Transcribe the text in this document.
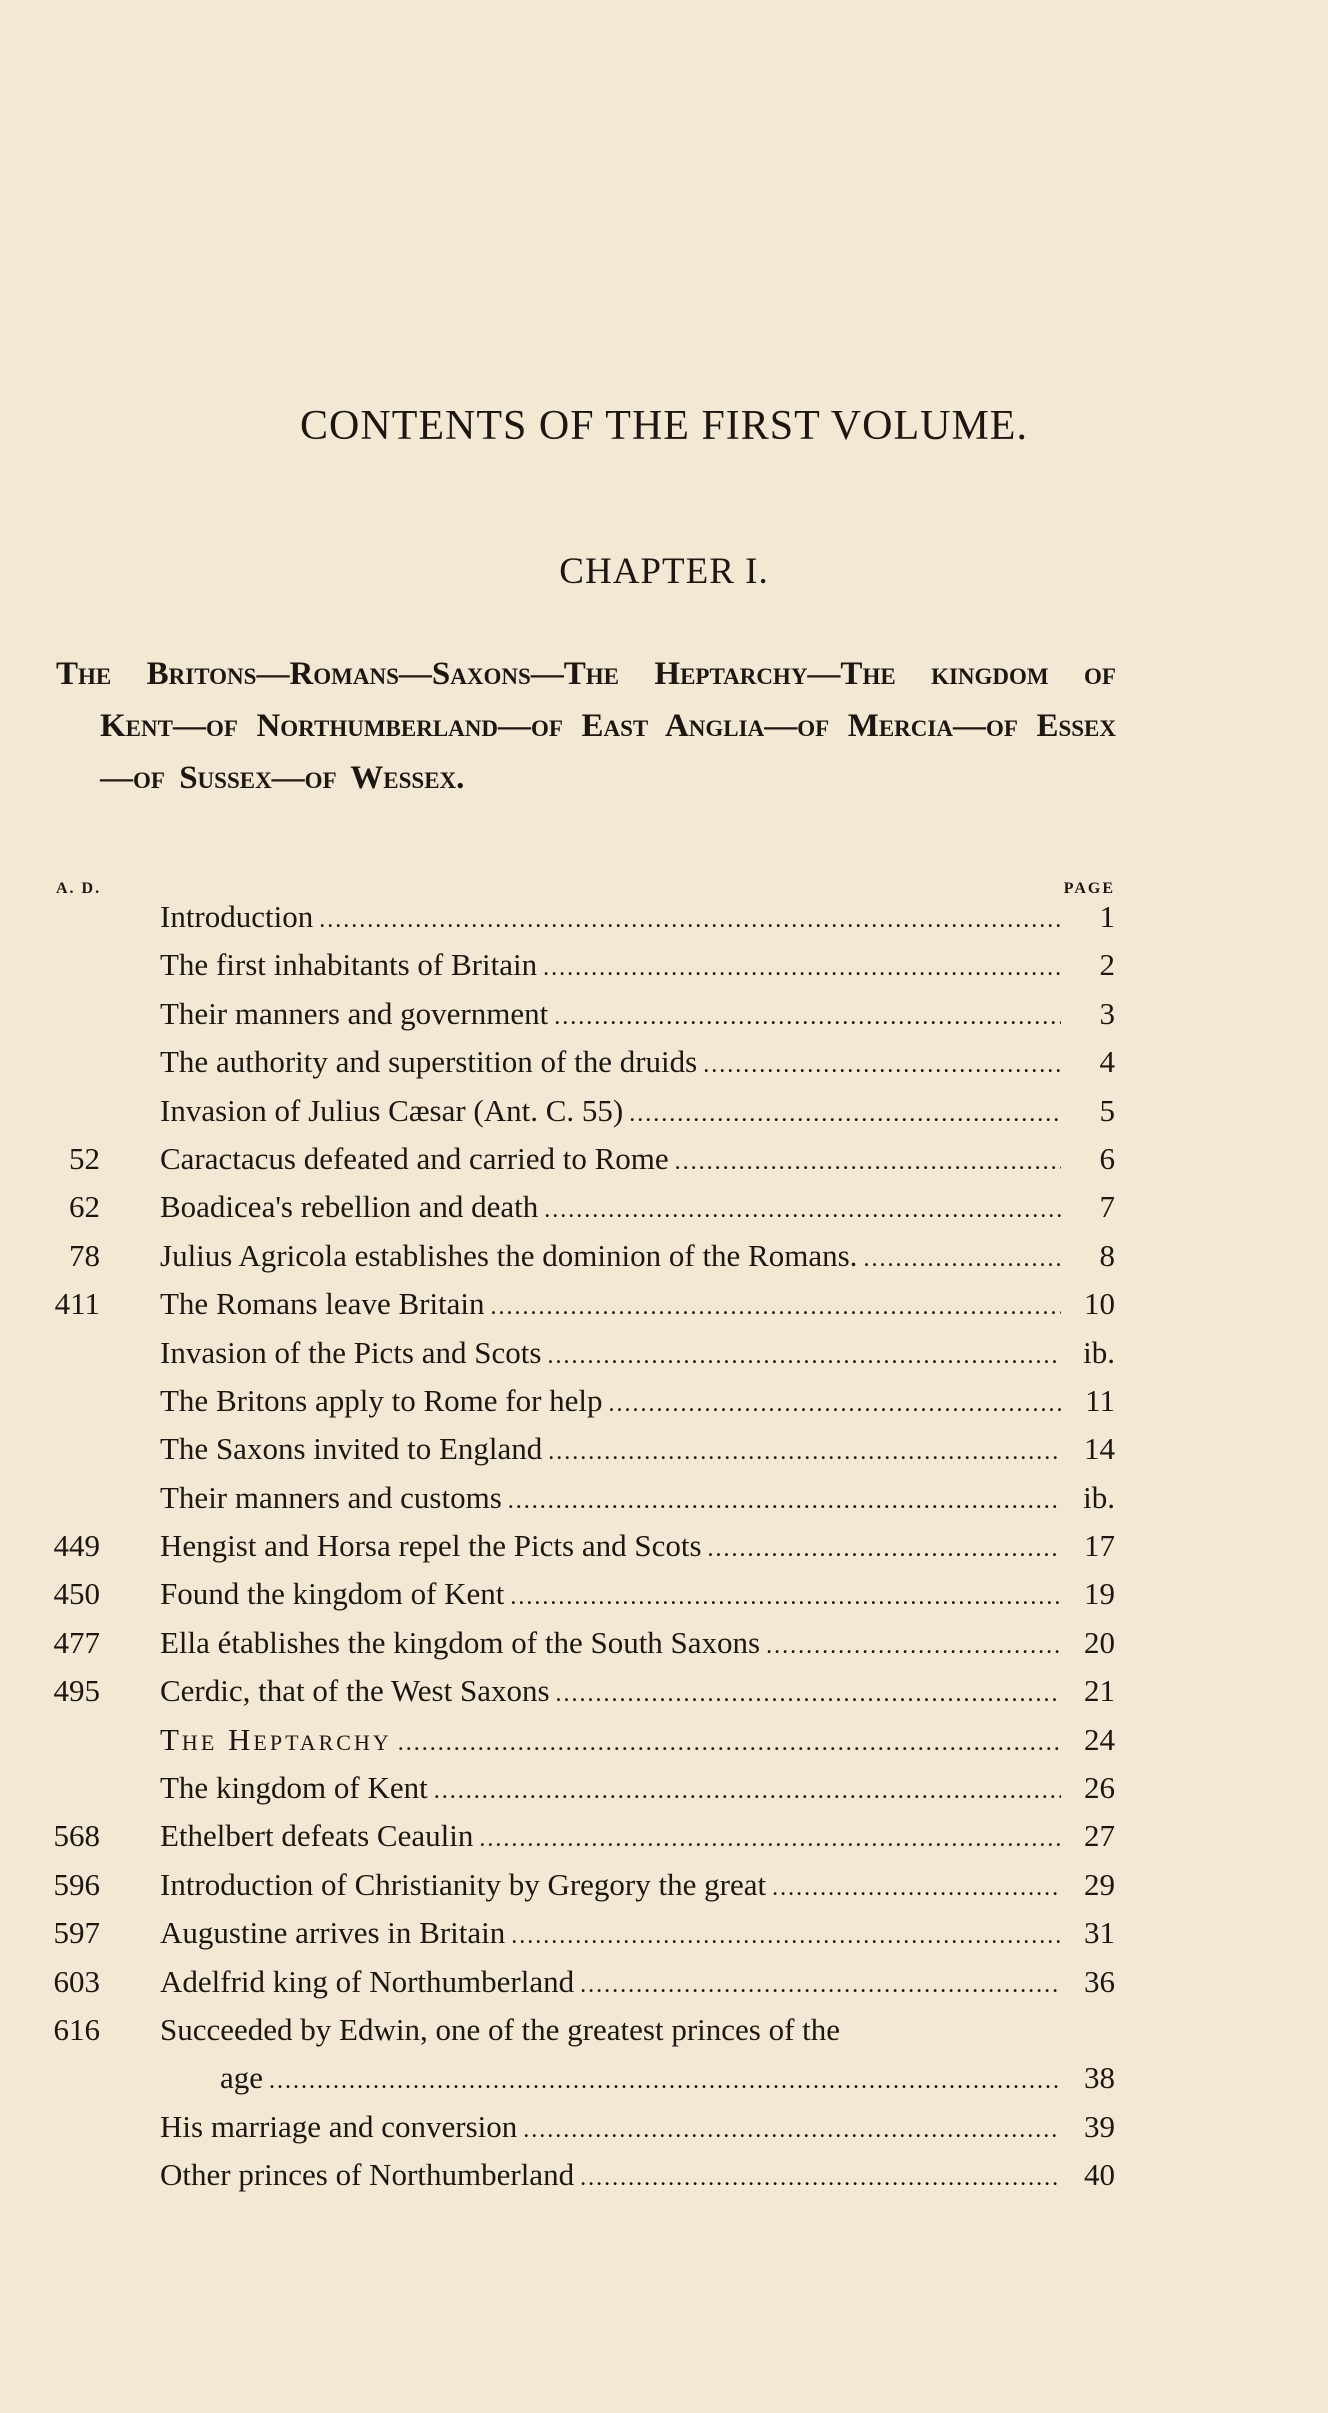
CONTENTS OF THE FIRST VOLUME.
CHAPTER I.
The Britons—Romans—Saxons—The Heptarchy—The kingdom of Kent—of Northumberland—of East Anglia—of Mercia—of Essex—of Sussex—of Wessex.
A. D.	PAGE
Introduction .....	1
The first inhabitants of Britain .....	2
Their manners and government .....	3
The authority and superstition of the druids .....	4
Invasion of Julius Cæsar (Ant. C. 55) .....	5
52 Caractacus defeated and carried to Rome .....	6
62 Boadicea's rebellion and death .....	7
78 Julius Agricola establishes the dominion of the Romans. .....	8
411 The Romans leave Britain .....	10
Invasion of the Picts and Scots .....	ib.
The Britons apply to Rome for help .....	11
The Saxons invited to England .....	14
Their manners and customs .....	ib.
449 Hengist and Horsa repel the Picts and Scots .....	17
450 Found the kingdom of Kent .....	19
477 Ella établishes the kingdom of the South Saxons .....	20
495 Cerdic, that of the West Saxons .....	21
The Heptarchy .....	24
The kingdom of Kent .....	26
568 Ethelbert defeats Ceaulin .....	27
596 Introduction of Christianity by Gregory the great .....	29
597 Augustine arrives in Britain .....	31
603 Adelfrid king of Northumberland .....	36
616 Succeeded by Edwin, one of the greatest princes of the
age .....	38
His marriage and conversion .....	39
Other princes of Northumberland .....	40
